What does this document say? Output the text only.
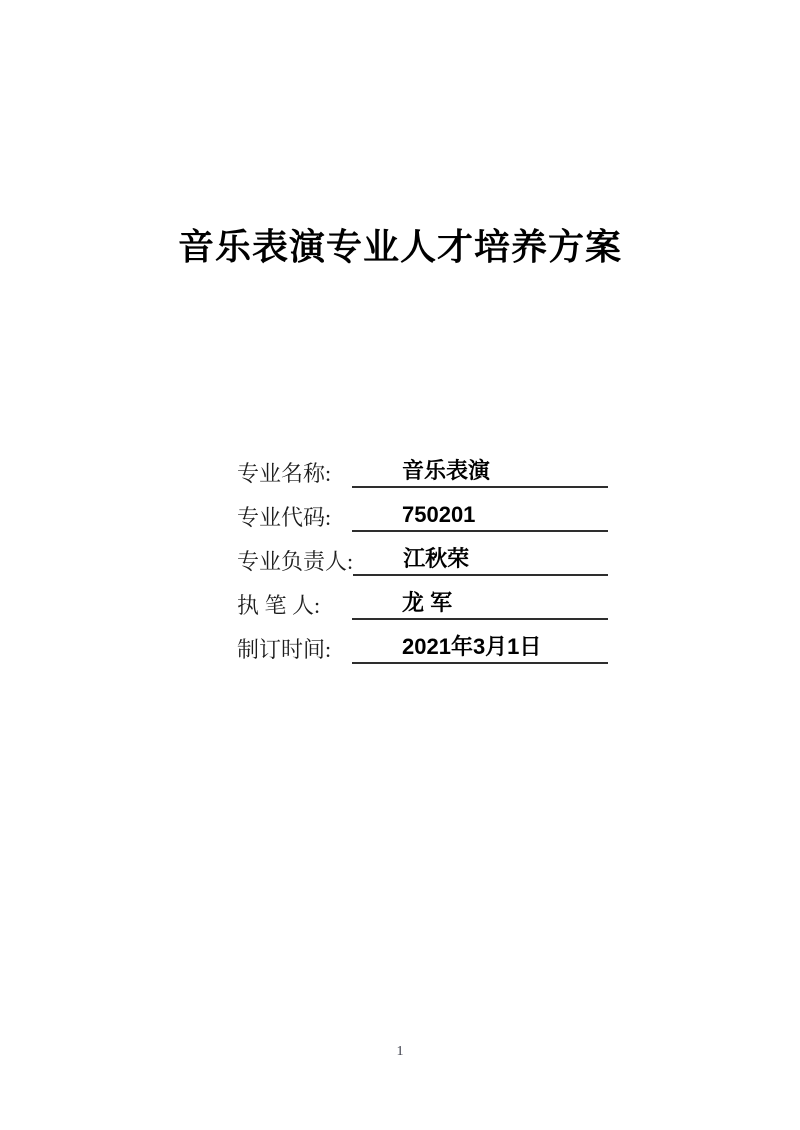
音乐表演专业人才培养方案
专业名称:	音乐表演
专业代码:	750201
专业负责人: 江秋荣
执 笔 人:	龙 军
制订时间:	2021年3月1日
1
